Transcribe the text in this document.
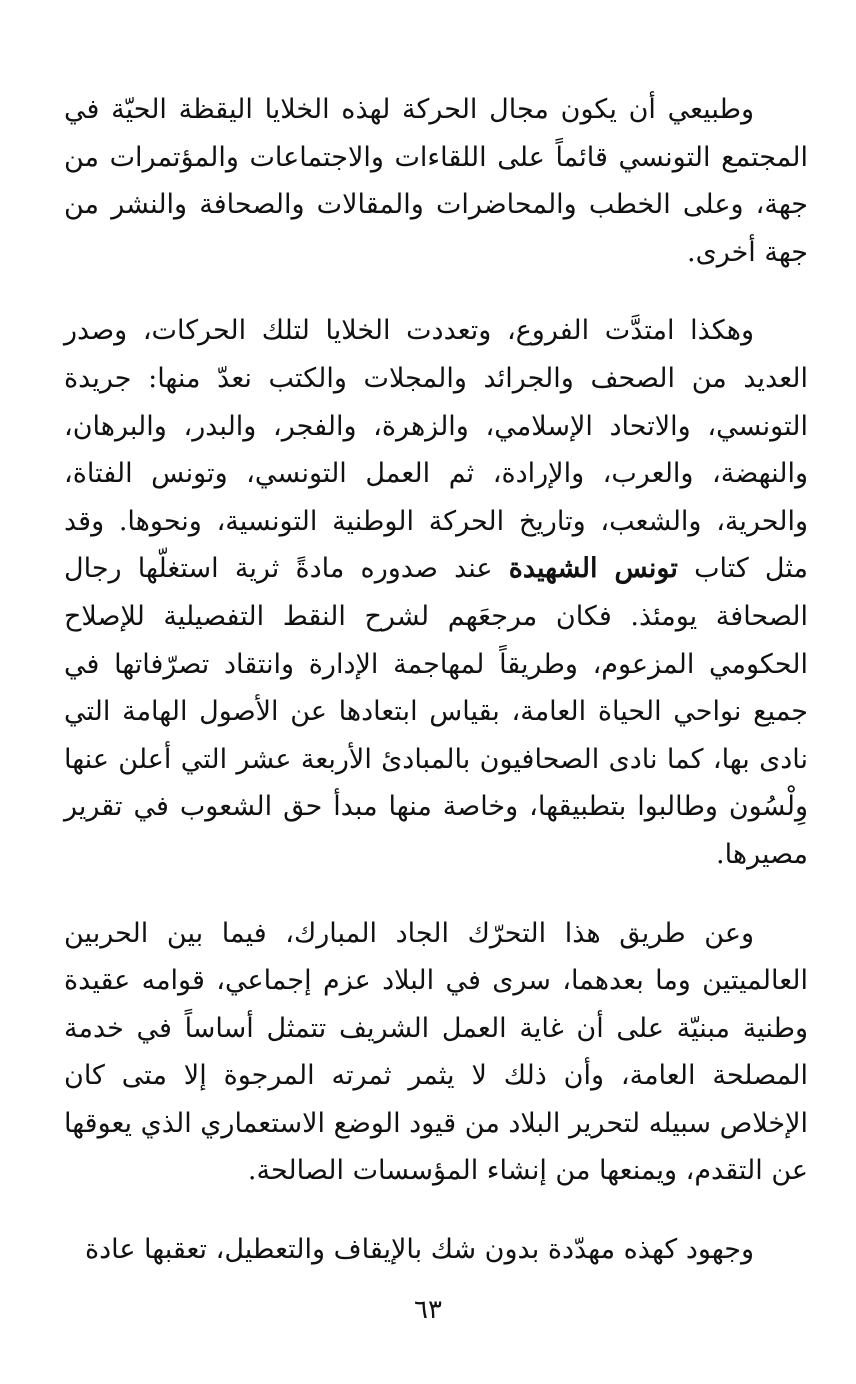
وطبيعي أن يكون مجال الحركة لهذه الخلايا اليقظة الحيّة في المجتمع التونسي قائماً على اللقاءات والاجتماعات والمؤتمرات من جهة، وعلى الخطب والمحاضرات والمقالات والصحافة والنشر من جهة أخرى.

وهكذا امتدَّت الفروع، وتعددت الخلايا لتلك الحركات، وصدر العديد من الصحف والجرائد والمجلات والكتب نعدّ منها: جريدة التونسي، والاتحاد الإسلامي، والزهرة، والفجر، والبدر، والبرهان، والنهضة، والعرب، والإرادة، ثم العمل التونسي، وتونس الفتاة، والحرية، والشعب، وتاريخ الحركة الوطنية التونسية، ونحوها. وقد مثل كتاب تونس الشهيدة عند صدوره مادةً ثرية استغلّها رجال الصحافة يومئذ. فكان مرجعَهم لشرح النقط التفصيلية للإصلاح الحكومي المزعوم، وطريقاً لمهاجمة الإدارة وانتقاد تصرّفاتها في جميع نواحي الحياة العامة، بقياس ابتعادها عن الأصول الهامة التي نادى بها، كما نادى الصحافيون بالمبادئ الأربعة عشر التي أعلن عنها وِلْسُون وطالبوا بتطبيقها، وخاصة منها مبدأ حق الشعوب في تقرير مصيرها.

وعن طريق هذا التحرّك الجاد المبارك، فيما بين الحربين العالميتين وما بعدهما، سرى في البلاد عزم إجماعي، قوامه عقيدة وطنية مبنيّة على أن غاية العمل الشريف تتمثل أساساً في خدمة المصلحة العامة، وأن ذلك لا يثمر ثمرته المرجوة إلا متى كان الإخلاص سبيله لتحرير البلاد من قيود الوضع الاستعماري الذي يعوقها عن التقدم، ويمنعها من إنشاء المؤسسات الصالحة.

وجهود كهذه مهدّدة بدون شك بالإيقاف والتعطيل، تعقبها عادة

٦٣
